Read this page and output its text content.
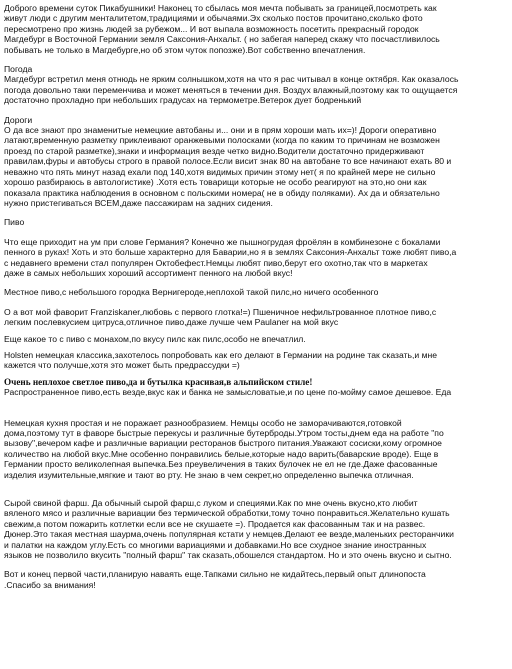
Доброго времени суток Пикабушники! Наконец то сбылась моя мечта побывать за границей,посмотреть как
живут люди с другим менталитетом,традициями и обычаями.Эх сколько постов прочитано,сколько фото
пересмотрено про жизнь людей за рубежом... И вот выпала возможность посетить прекрасный городок
Магдебург в Восточной Германии земля Саксония-Анхальт. ( но забегая наперед скажу что посчастливилось
побывать не только в Магдебурге,но об этом чуток попозже).Вот собственно впечатления.

Погода
Магдебург встретил меня отнюдь не ярким солнышком,хотя на что я рас читывал в конце октября. Как оказалось
погода довольно таки переменчива и может меняться в течении дня. Воздух влажный,поэтому как то ощущается
достаточно прохладно при небольших градусах на термометре.Ветерок дует бодренький

Дороги
О да все знают про знаменитые немецкие автобаны и... они и в прям хороши мать их=)! Дороги оперативно
латают,временную разметку приклеивают оранжевыми полосками (когда по каким то причинам не возможен
проезд по старой разметке),знаки и информация везде четко видно.Водители достаточно придерживают
правилам,фуры и автобусы строго в правой полосе.Если висит знак 80 на автобане то все начинают ехать 80 и
неважно что пять минут назад ехали под 140,хотя видимых причин этому нет( я по крайней мере не сильно
хорошо разбираюсь в автологистике) .Хотя есть товарищи которые не особо реагируют на это,но они как
показала практика наблюдения в основном с польскими номера( не в обиду поляками). Ах да и обязательно
нужно пристегиваться ВСЕМ,даже пассажирам на задних сидения.

Пиво

Что еще приходит на ум при слове Германия? Конечно же пышногрудая фроёлян в комбинезоне с бокалами
пенного в руках! Хоть и это больше характерно для Баварии,но я в землях Саксония-Анхальт тоже любят пиво,а
с недавнего времени стал популярен Октобефест.Немцы любят пиво,берут его охотно,так что в маркетах
даже в самых небольших хороший ассортимент пенного на любой вкус!

Местное пиво,с небольшого городка Вернигероде,неплохой такой пилс,но ничего особенного

О а вот мой фаворит Franziskaner,любовь с первого глотка!=) Пшеничное нефильтрованное плотное пиво,с
легким послевкусием цитруса,отличное пиво,даже лучше чем Paulaner на мой вкус

Еще какое то с пиво с монахом,по вкусу пилс как пилс,особо не впечатлил.

Holsten немецкая классика,захотелось попробовать как его делают в Германии на родине так сказать,и мне
кажется что получше,хотя это может быть предрассудки =)

Очень неплохое светлое пиво,да и бутылка красивая,в альпийском стиле!

Распространенное пиво,есть везде,вкус как и банка не замысловатые,и по цене по-мойму самое дешевое. Еда

Немецкая кухня простая и не поражает разнообразием. Немцы особо не заморачиваются,готовкой
дома,поэтому тут в фаворе быстрые перекусы и различные бутерброды.Утром тосты,днем еда на работе "по
вызову",вечером кафе и различные вариации ресторанов быстрого питания.Уважают сосиски,кому огромное
количество на любой вкус.Мне особенно понравились белые,которые надо варить(баварские вроде). Еще в
Германии просто великолепная выпечка.Без преувеличения в таких булочек не ел не где.Даже фасованные
изделия изумительные,мягкие и тают во рту. Не знаю в чем секрет,но определенно выпечка отличная.

Сырой свиной фарш. Да обычный сырой фарш,с луком и специями.Как по мне очень вкусно,кто любит
вяленого мясо и различные вариации без термической обработки,тому точно понравиться.Желательно кушать
свежим,а потом пожарить котлетки если все не скушаете =). Продается как фасованным так и на развес.
Дюнер.Это такая местная шаурма,очень популярная кстати у немцев.Делают ее везде,маленьких ресторанчики
и палатки на каждом углу.Есть со многими вариациями и добавками.Но все схудное знание иностранных
языков не позволило вкусить "полный фарш" так сказать,обошелся стандартом. Но и это очень вкусно и сытно.

Вот и конец первой части,планирую наваять еще.Тапками сильно не кидайтесь,первый опыт длинопоста
.Спасибо за внимания!
